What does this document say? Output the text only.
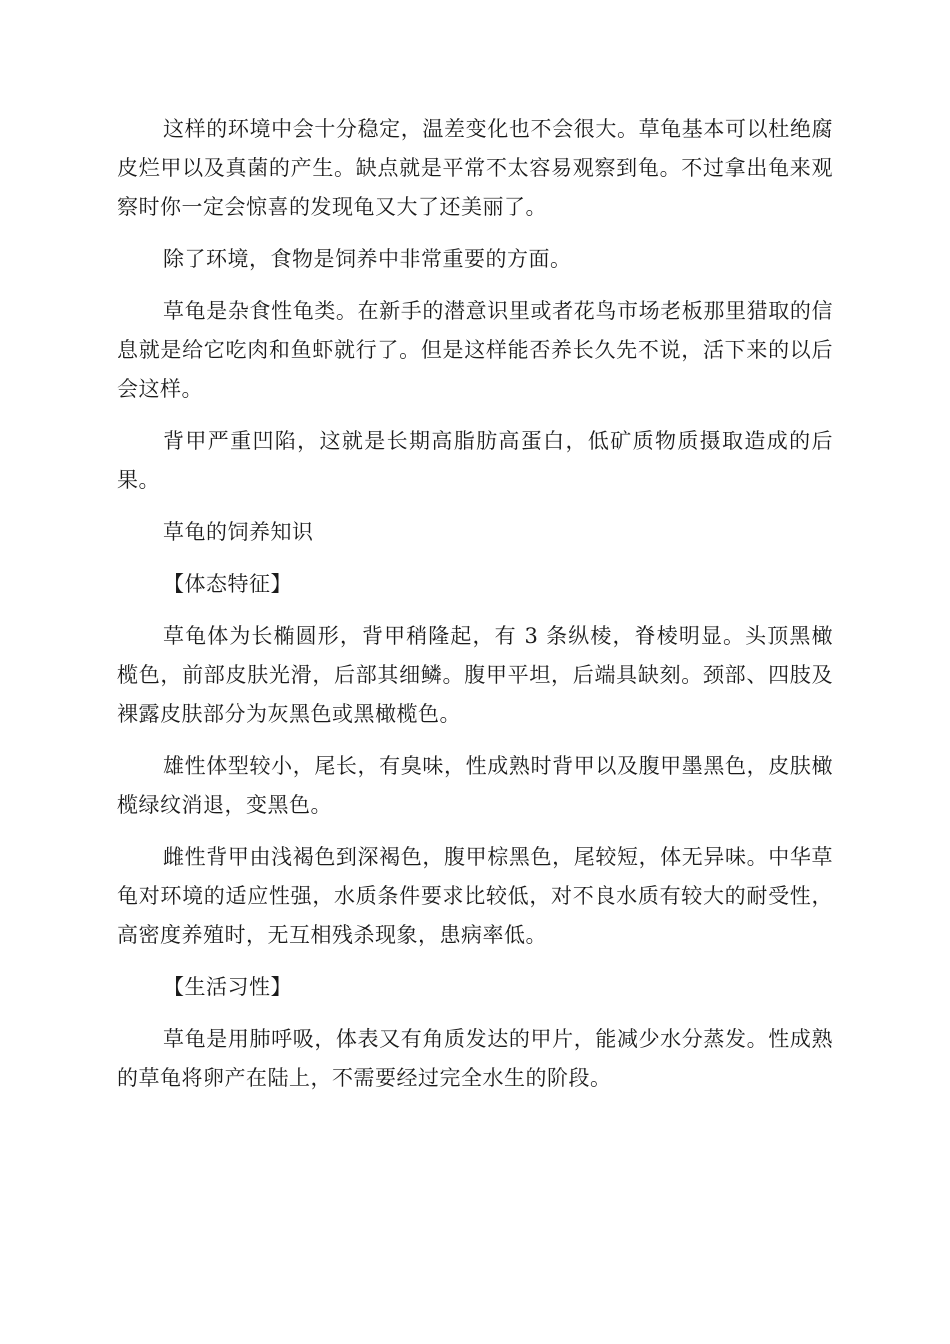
这样的环境中会十分稳定，温差变化也不会很大。草龟基本可以杜绝腐皮烂甲以及真菌的产生。缺点就是平常不太容易观察到龟。不过拿出龟来观察时你一定会惊喜的发现龟又大了还美丽了。

除了环境，食物是饲养中非常重要的方面。

草龟是杂食性龟类。在新手的潜意识里或者花鸟市场老板那里猎取的信息就是给它吃肉和鱼虾就行了。但是这样能否养长久先不说，活下来的以后会这样。

背甲严重凹陷，这就是长期高脂肪高蛋白，低矿质物质摄取造成的后果。

草龟的饲养知识

【体态特征】

草龟体为长椭圆形，背甲稍隆起，有 3 条纵棱，脊棱明显。头顶黑橄榄色，前部皮肤光滑，后部其细鳞。腹甲平坦，后端具缺刻。颈部、四肢及裸露皮肤部分为灰黑色或黑橄榄色。

雄性体型较小，尾长，有臭味，性成熟时背甲以及腹甲墨黑色，皮肤橄榄绿纹消退，变黑色。

雌性背甲由浅褐色到深褐色，腹甲棕黑色，尾较短，体无异味。中华草龟对环境的适应性强，水质条件要求比较低，对不良水质有较大的耐受性，高密度养殖时，无互相残杀现象，患病率低。

【生活习性】

草龟是用肺呼吸，体表又有角质发达的甲片，能减少水分蒸发。性成熟的草龟将卵产在陆上，不需要经过完全水生的阶段。
